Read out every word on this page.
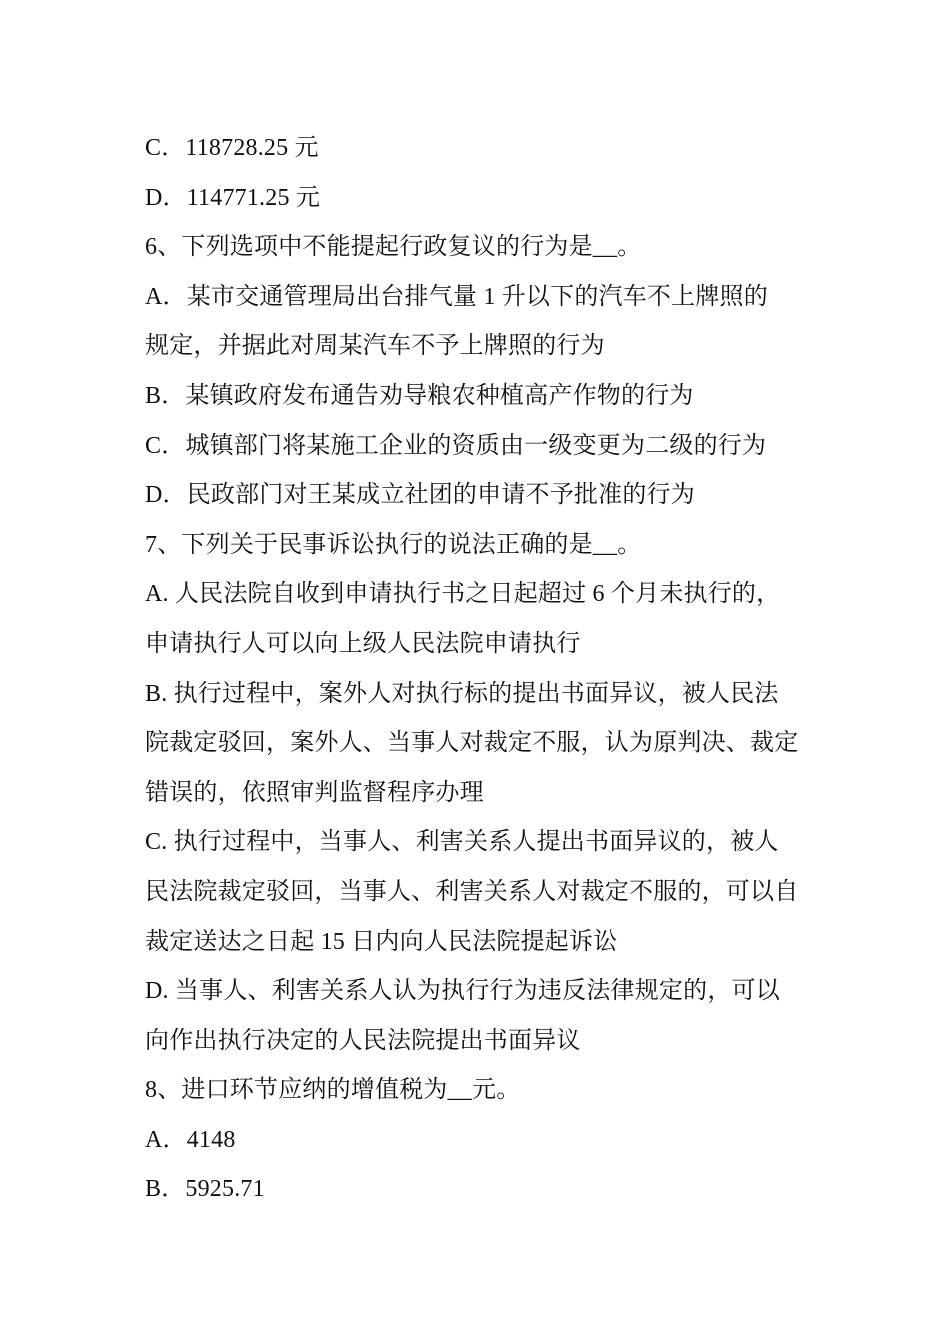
C．118728.25 元
D．114771.25 元
6、下列选项中不能提起行政复议的行为是__。
A．某市交通管理局出台排气量 1 升以下的汽车不上牌照的
规定，并据此对周某汽车不予上牌照的行为
B．某镇政府发布通告劝导粮农种植高产作物的行为
C．城镇部门将某施工企业的资质由一级变更为二级的行为
D．民政部门对王某成立社团的申请不予批准的行为
7、下列关于民事诉讼执行的说法正确的是__。
A. 人民法院自收到申请执行书之日起超过 6 个月未执行的，
申请执行人可以向上级人民法院申请执行
B. 执行过程中，案外人对执行标的提出书面异议，被人民法
院裁定驳回，案外人、当事人对裁定不服，认为原判决、裁定
错误的，依照审判监督程序办理
C. 执行过程中，当事人、利害关系人提出书面异议的，被人
民法院裁定驳回，当事人、利害关系人对裁定不服的，可以自
裁定送达之日起 15 日内向人民法院提起诉讼
D. 当事人、利害关系人认为执行行为违反法律规定的，可以
向作出执行决定的人民法院提出书面异议
8、进口环节应纳的增值税为__元。
A．4148
B．5925.71
